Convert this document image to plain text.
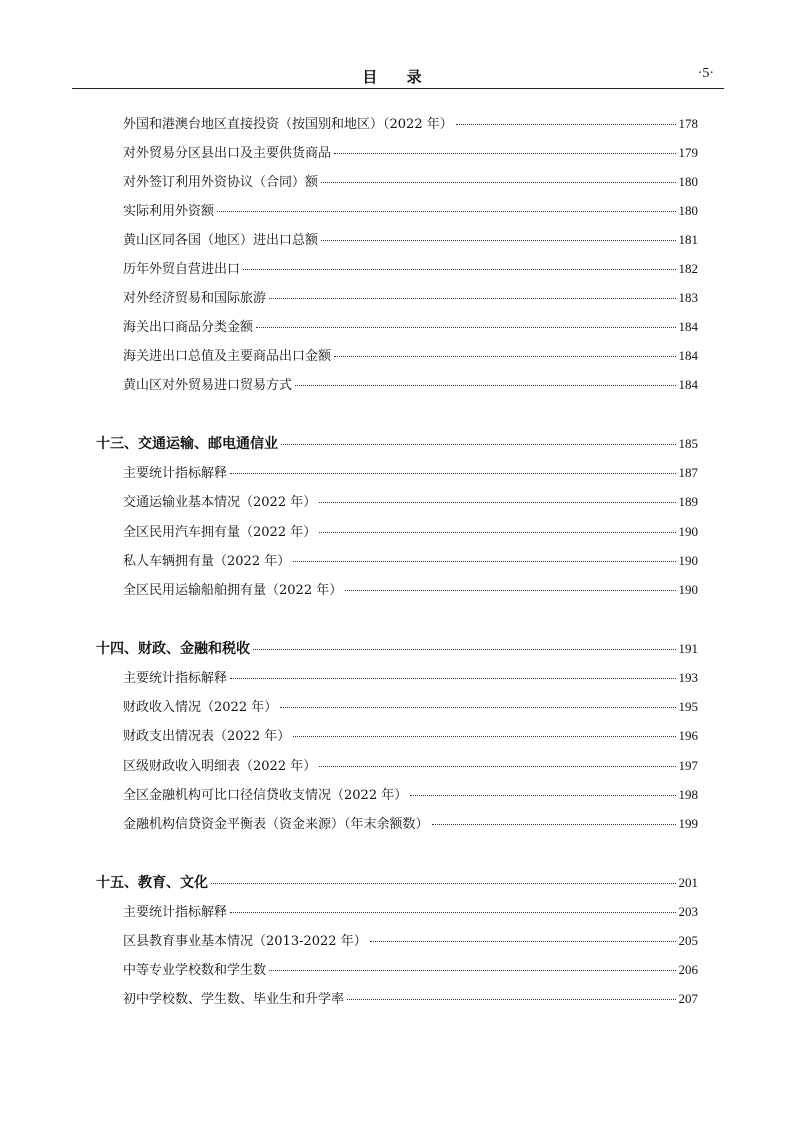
目 录	·5·
外国和港澳台地区直接投资（按国别和地区）（2022 年）	178
对外贸易分区县出口及主要供货商品	179
对外签订利用外资协议（合同）额	180
实际利用外资额	180
黄山区同各国（地区）进出口总额	181
历年外贸自营进出口	182
对外经济贸易和国际旅游	183
海关出口商品分类金额	184
海关进出口总值及主要商品出口金额	184
黄山区对外贸易进口贸易方式	184
十三、交通运输、邮电通信业	185
主要统计指标解释	187
交通运输业基本情况（2022 年）	189
全区民用汽车拥有量（2022 年）	190
私人车辆拥有量（2022 年）	190
全区民用运输船舶拥有量（2022 年）	190
十四、财政、金融和税收	191
主要统计指标解释	193
财政收入情况（2022 年）	195
财政支出情况表（2022 年）	196
区级财政收入明细表（2022 年）	197
全区金融机构可比口径信贷收支情况（2022 年）	198
金融机构信贷资金平衡表（资金来源）（年末余额数）	199
十五、教育、文化	201
主要统计指标解释	203
区县教育事业基本情况（2013-2022 年）	205
中等专业学校数和学生数	206
初中学校数、学生数、毕业生和升学率	207
